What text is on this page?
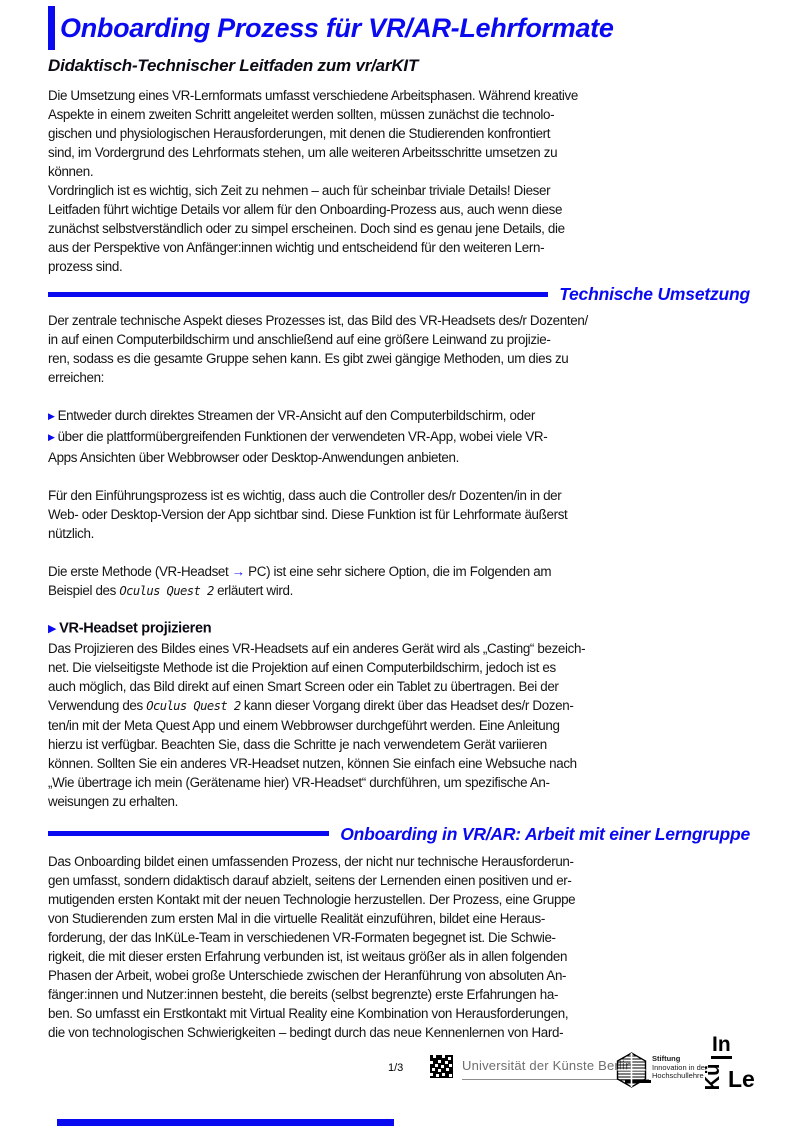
Onboarding Prozess für VR/AR-Lehrformate
Didaktisch-Technischer Leitfaden zum vr/arKIT
Die Umsetzung eines VR-Lernformats umfasst verschiedene Arbeitsphasen. Während kreative
Aspekte in einem zweiten Schritt angeleitet werden sollten, müssen zunächst die technolo-
gischen und physiologischen Herausforderungen, mit denen die Studierenden konfrontiert
sind, im Vordergrund des Lehrformats stehen, um alle weiteren Arbeitsschritte umsetzen zu
können.
Vordringlich ist es wichtig, sich Zeit zu nehmen – auch für scheinbar triviale Details! Dieser
Leitfaden führt wichtige Details vor allem für den Onboarding-Prozess aus, auch wenn diese
zunächst selbstverständlich oder zu simpel erscheinen. Doch sind es genau jene Details, die
aus der Perspektive von Anfänger:innen wichtig und entscheidend für den weiteren Lern-
prozess sind.
Technische Umsetzung
Der zentrale technische Aspekt dieses Prozesses ist, das Bild des VR-Headsets des/r Dozenten/
in auf einen Computerbildschirm und anschließend auf eine größere Leinwand zu projizie-
ren, sodass es die gesamte Gruppe sehen kann. Es gibt zwei gängige Methoden, um dies zu
erreichen:
▶ Entweder durch direktes Streamen der VR-Ansicht auf den Computerbildschirm, oder
▶ über die plattformübergreifenden Funktionen der verwendeten VR-App, wobei viele VR-
Apps Ansichten über Webbrowser oder Desktop-Anwendungen anbieten.
Für den Einführungsprozess ist es wichtig, dass auch die Controller des/r Dozenten/in in der
Web- oder Desktop-Version der App sichtbar sind. Diese Funktion ist für Lehrformate äußerst
nützlich.
Die erste Methode (VR-Headset → PC) ist eine sehr sichere Option, die im Folgenden am
Beispiel des Oculus Quest 2 erläutert wird.
▶ VR-Headset projizieren
Das Projizieren des Bildes eines VR-Headsets auf ein anderes Gerät wird als „Casting“ bezeich-
net. Die vielseitigste Methode ist die Projektion auf einen Computerbildschirm, jedoch ist es
auch möglich, das Bild direkt auf einen Smart Screen oder ein Tablet zu übertragen. Bei der
Verwendung des Oculus Quest 2 kann dieser Vorgang direkt über das Headset des/r Dozen-
ten/in mit der Meta Quest App und einem Webbrowser durchgeführt werden. Eine Anleitung
hierzu ist verfügbar. Beachten Sie, dass die Schritte je nach verwendetem Gerät variieren
können. Sollten Sie ein anderes VR-Headset nutzen, können Sie einfach eine Websuche nach
„Wie übertrage ich mein (Gerätename hier) VR-Headset“ durchführen, um spezifische An-
weisungen zu erhalten.
Onboarding in VR/AR: Arbeit mit einer Lerngruppe
Das Onboarding bildet einen umfassenden Prozess, der nicht nur technische Herausforderun-
gen umfasst, sondern didaktisch darauf abzielt, seitens der Lernenden einen positiven und er-
mutigenden ersten Kontakt mit der neuen Technologie herzustellen. Der Prozess, eine Gruppe
von Studierenden zum ersten Mal in die virtuelle Realität einzuführen, bildet eine Heraus-
forderung, der das InKüLe-Team in verschiedenen VR-Formaten begegnet ist. Die Schwie-
rigkeit, die mit dieser ersten Erfahrung verbunden ist, ist weitaus größer als in allen folgenden
Phasen der Arbeit, wobei große Unterschiede zwischen der Heranführung von absoluten An-
fänger:innen und Nutzer:innen besteht, die bereits (selbst begrenzte) erste Erfahrungen ha-
ben. So umfasst ein Erstkontakt mit Virtual Reality eine Kombination von Herausforderungen,
die von technologischen Schwierigkeiten – bedingt durch das neue Kennenlernen von Hard-
1/3	Universität der Künste Berlin	Stiftung
Innovation in der
Hochschullehre
In
Kü Le
